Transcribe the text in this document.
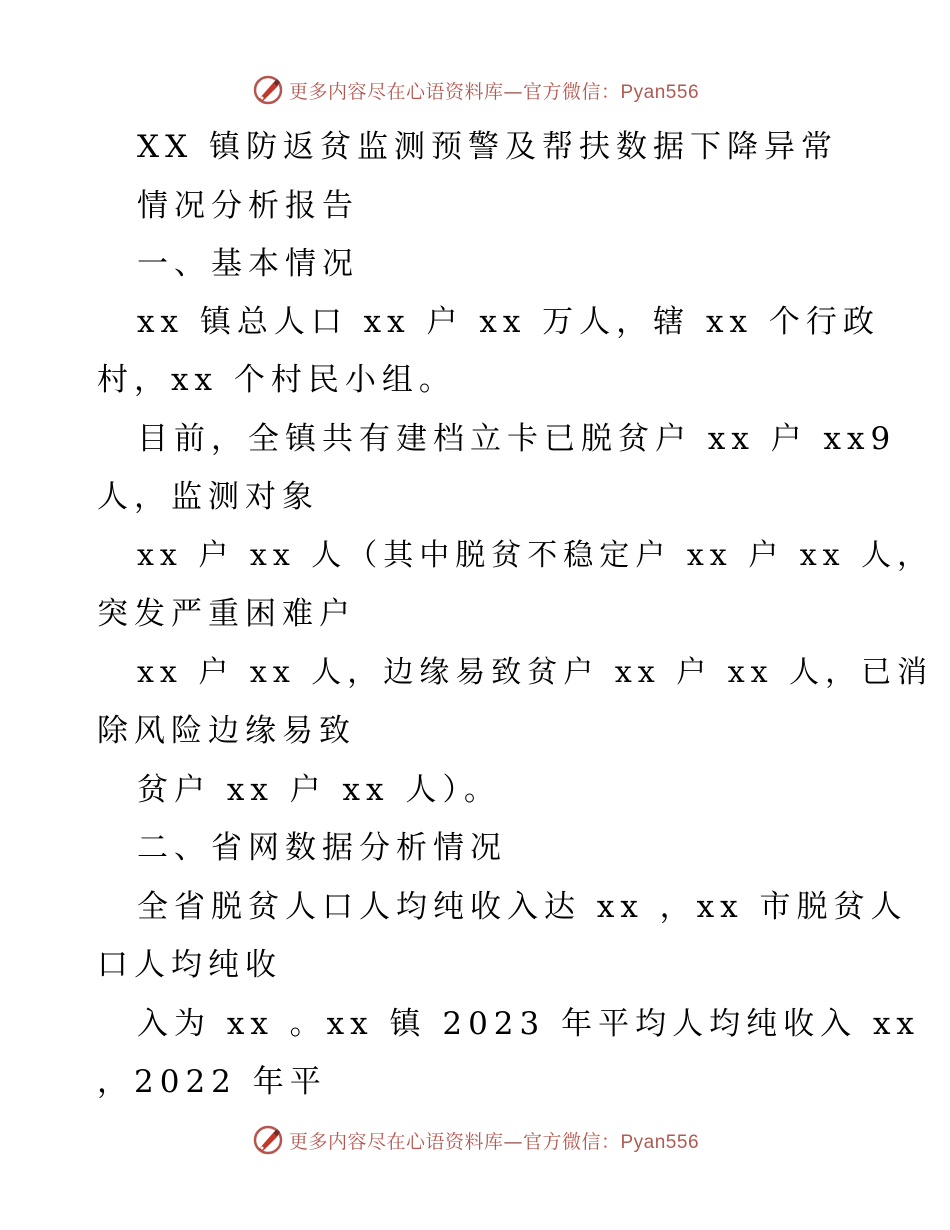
更多内容尽在心语资料库—官方微信：Pyan556
XX 镇防返贫监测预警及帮扶数据下降异常
情况分析报告
一、基本情况
xx 镇总人口 xx 户 xx 万人，辖 xx 个行政
村，xx 个村民小组。
目前，全镇共有建档立卡已脱贫户 xx 户 xx9
人，监测对象
xx 户 xx 人（其中脱贫不稳定户 xx 户 xx 人，
突发严重困难户
xx 户 xx 人，边缘易致贫户 xx 户 xx 人，已消
除风险边缘易致
贫户 xx 户 xx 人）。
二、省网数据分析情况
全省脱贫人口人均纯收入达 xx ，xx 市脱贫人
口人均纯收
入为 xx 。xx 镇 2023 年平均人均纯收入 xx
，2022 年平
更多内容尽在心语资料库—官方微信：Pyan556
